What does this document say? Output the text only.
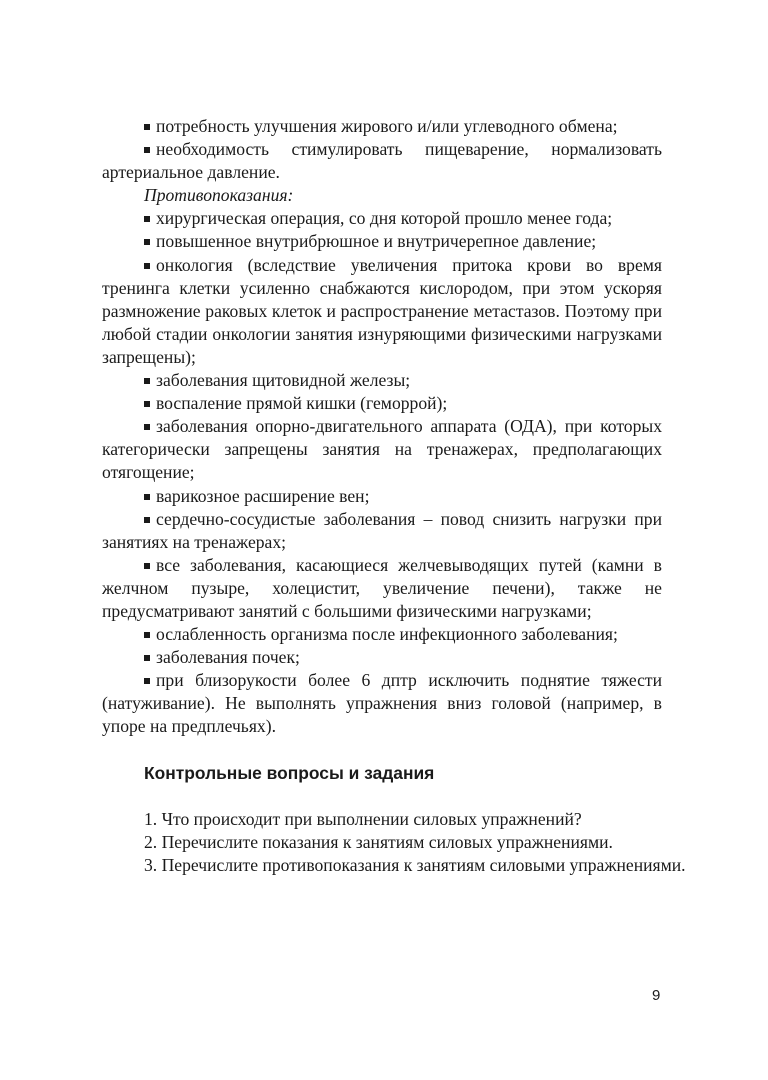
потребность улучшения жирового и/или углеводного обмена;

необходимость стимулировать пищеварение, нормализовать артериальное давление.

Противопоказания:

хирургическая операция, со дня которой прошло менее года;

повышенное внутрибрюшное и внутричерепное давление;

онкология (вследствие увеличения притока крови во время тренинга клетки усиленно снабжаются кислородом, при этом ускоряя размножение раковых клеток и распространение метастазов. Поэтому при любой стадии онкологии занятия изнуряющими физическими нагрузками запрещены);

заболевания щитовидной железы;

воспаление прямой кишки (геморрой);

заболевания опорно-двигательного аппарата (ОДА), при которых категорически запрещены занятия на тренажерах, предполагающих отягощение;

варикозное расширение вен;

сердечно-сосудистые заболевания – повод снизить нагрузки при занятиях на тренажерах;

все заболевания, касающиеся желчевыводящих путей (камни в желчном пузыре, холецистит, увеличение печени), также не предусматривают занятий с большими физическими нагрузками;

ослабленность организма после инфекционного заболевания;

заболевания почек;

при близорукости более 6 дптр исключить поднятие тяжести (натуживание). Не выполнять упражнения вниз головой (например, в упоре на предплечьях).

Контрольные вопросы и задания

1. Что происходит при выполнении силовых упражнений?

2. Перечислите показания к занятиям силовых упражнениями.

3. Перечислите противопоказания к занятиям силовыми упражнениями.

9
